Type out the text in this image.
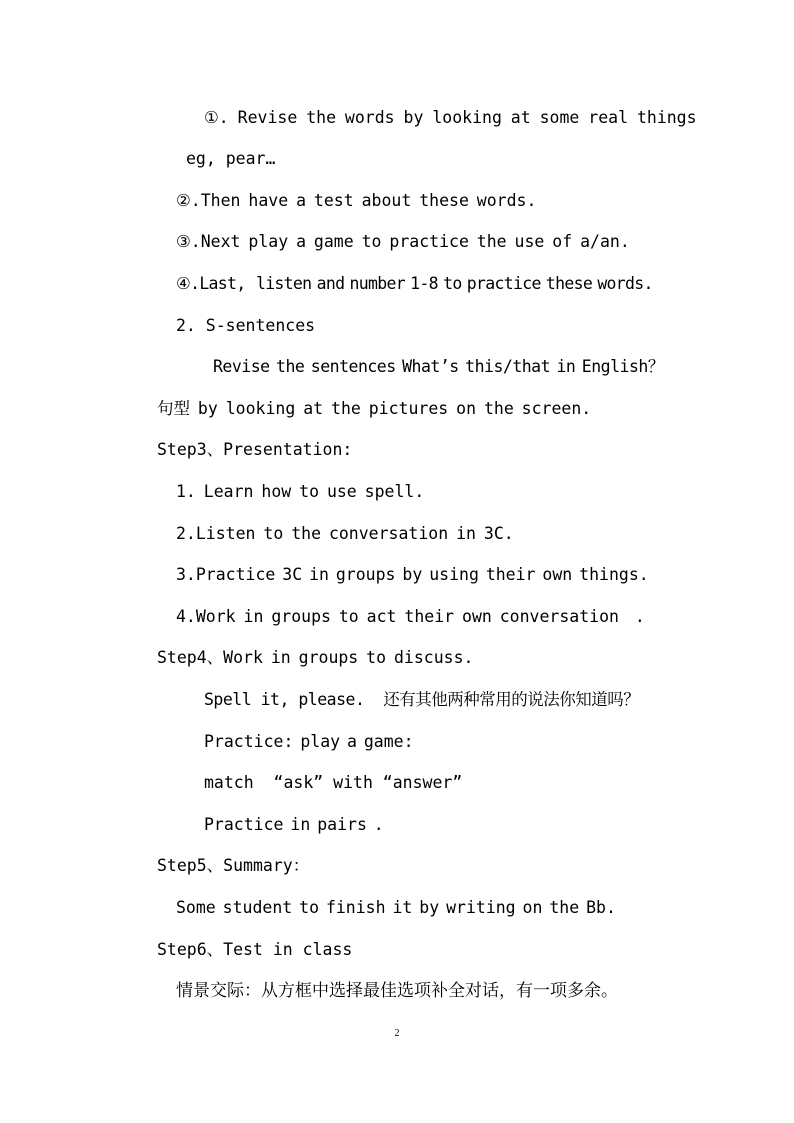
①. Revise the words by looking at some real things
eg, pear…
②.Then have a test about these words.
③.Next play a game to practice the use of a/an.
④.Last,  listen and number 1-8 to practice these words.
2. S-sentences
Revise the sentences What’s this/that in English？
句型 by looking at the pictures on the screen.
Step3、Presentation:
1. Learn how to use spell.
2.Listen to the conversation in 3C.
3.Practice 3C in groups by using their own things.
4.Work in groups to act their own conversation  .
Step4、Work in groups to discuss.
Spell it, please.  还有其他两种常用的说法你知道吗？
Practice: play a game:
match  “ask” with “answer”
Practice in pairs .
Step5、Summary：
Some student to finish it by writing on the Bb.
Step6、Test in class
情景交际：从方框中选择最佳选项补全对话，有一项多余。
2
